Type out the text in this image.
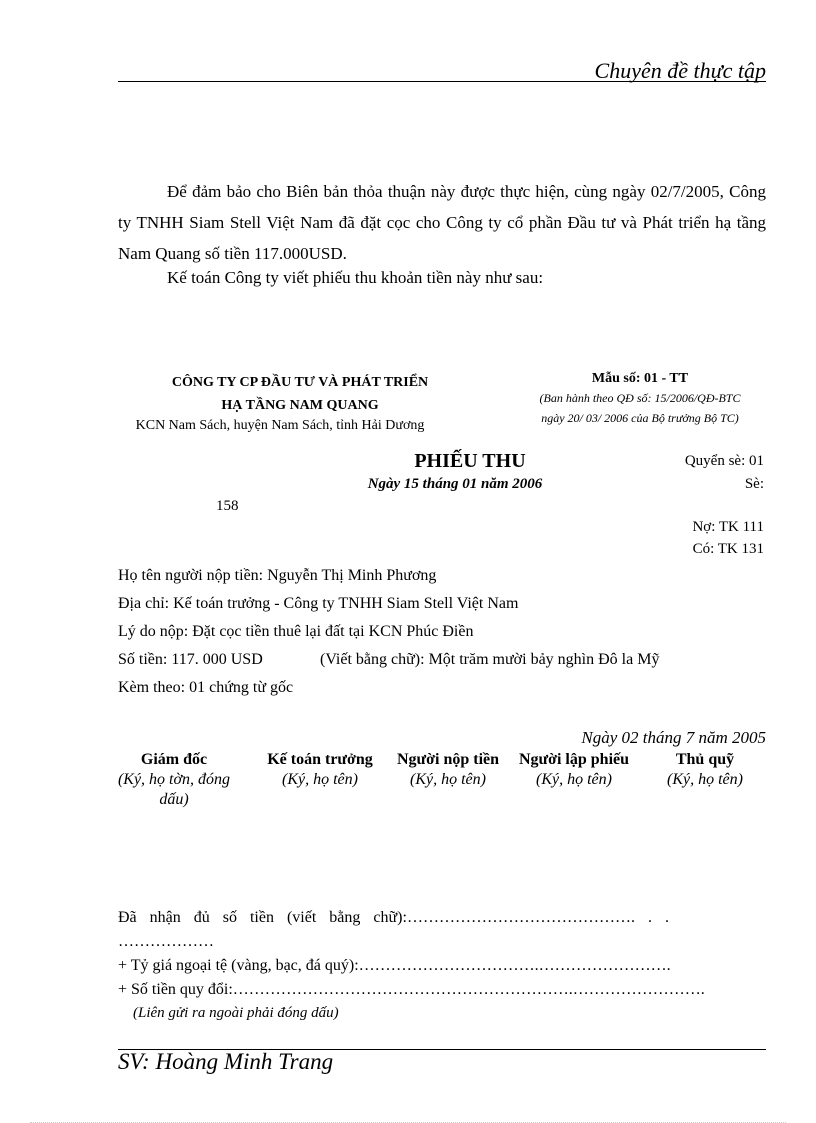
Chuyên đề thực tập
Để đảm bảo cho Biên bản thỏa thuận này được thực hiện, cùng ngày 02/7/2005, Công ty TNHH Siam Stell Việt Nam đã đặt cọc cho Công ty cổ phần Đầu tư và Phát triển hạ tầng Nam Quang số tiền 117.000USD.
Kế toán Công ty viết phiếu thu khoản tiền này như sau:
CÔNG TY CP ĐẦU TƯ VÀ PHÁT TRIỂN
HẠ TẦNG NAM QUANG
KCN Nam Sách, huyện Nam Sách, tỉnh Hải Dương
Mẫu số: 01 - TT
(Ban hành theo QĐ số: 15/2006/QĐ-BTC
ngày 20/ 03/ 2006 của Bộ trưởng Bộ TC)
PHIẾU THU
Ngày 15 tháng 01 năm 2006
Quyển sè: 01
Sè:
158
Nợ: TK 111
Có: TK 131
Họ tên người nộp tiền: Nguyễn Thị Minh Phương
Địa chỉ: Kế toán trưởng - Công ty TNHH Siam Stell Việt Nam
Lý do nộp: Đặt cọc tiền thuê lại đất tại KCN Phúc Điền
Số tiền: 117. 000 USD	(Viết bằng chữ): Một trăm mười bảy nghìn Đô la Mỹ
Kèm theo: 01 chứng từ gốc
Ngày 02 tháng 7 năm 2005
Giám đốc
(Ký, họ tờn, đóng dấu)
Kế toán trưởng
(Ký, họ tên)
Người nộp tiền
(Ký, họ tên)
Người lập phiếu
(Ký, họ tên)
Thủ quỹ
(Ký, họ tên)
Đã nhận đủ số tiền (viết bằng chữ):……………………………………. . .
………………
+ Tỷ giá ngoại tệ (vàng, bạc, đá quý):…………………………….…………………….
+ Số tiền quy đổi:……………………………………………………….…………………….
(Liên gửi ra ngoài phải đóng dấu)
SV: Hoàng Minh Trang
